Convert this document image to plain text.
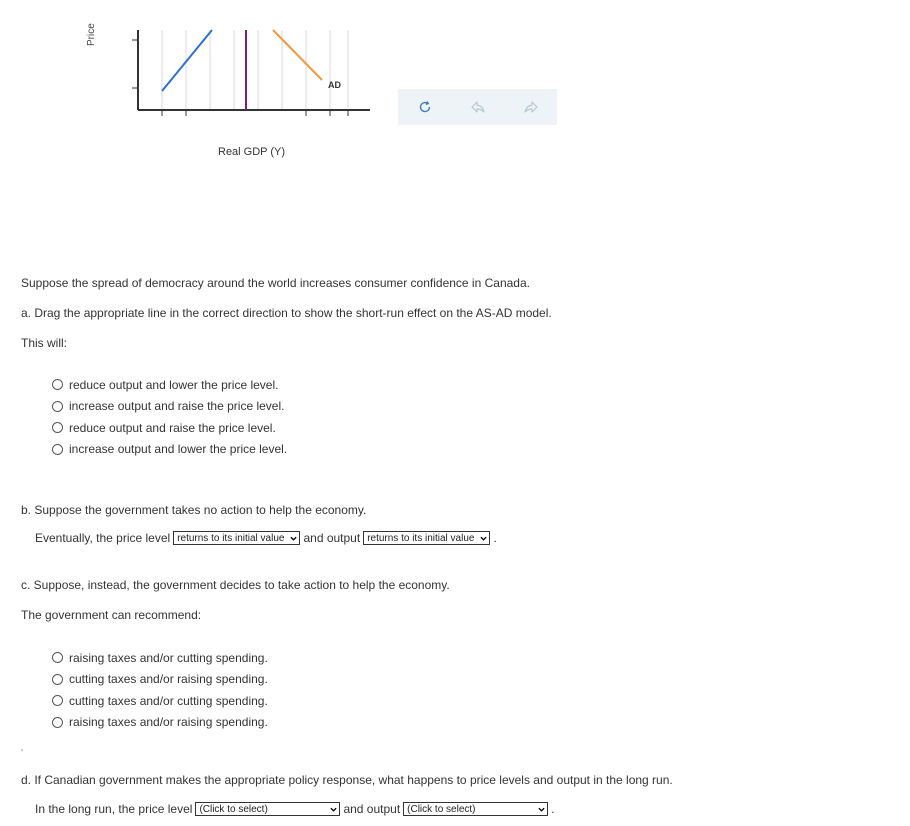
Price
AD
Real GDP (Y)
Suppose the spread of democracy around the world increases consumer confidence in Canada.
a. Drag the appropriate line in the correct direction to show the short-run effect on the AS-AD model.
This will:
reduce output and lower the price level.
increase output and raise the price level.
reduce output and raise the price level.
increase output and lower the price level.
b. Suppose the government takes no action to help the economy.
Eventually, the price level returns to its initial value and output returns to its initial value .
c. Suppose, instead, the government decides to take action to help the economy.
The government can recommend:
raising taxes and/or cutting spending.
cutting taxes and/or raising spending.
cutting taxes and/or cutting spending.
raising taxes and/or raising spending.
'
d. If Canadian government makes the appropriate policy response, what happens to price levels and output in the long run.
In the long run, the price level (Click to select)	and output (Click to select)	.
